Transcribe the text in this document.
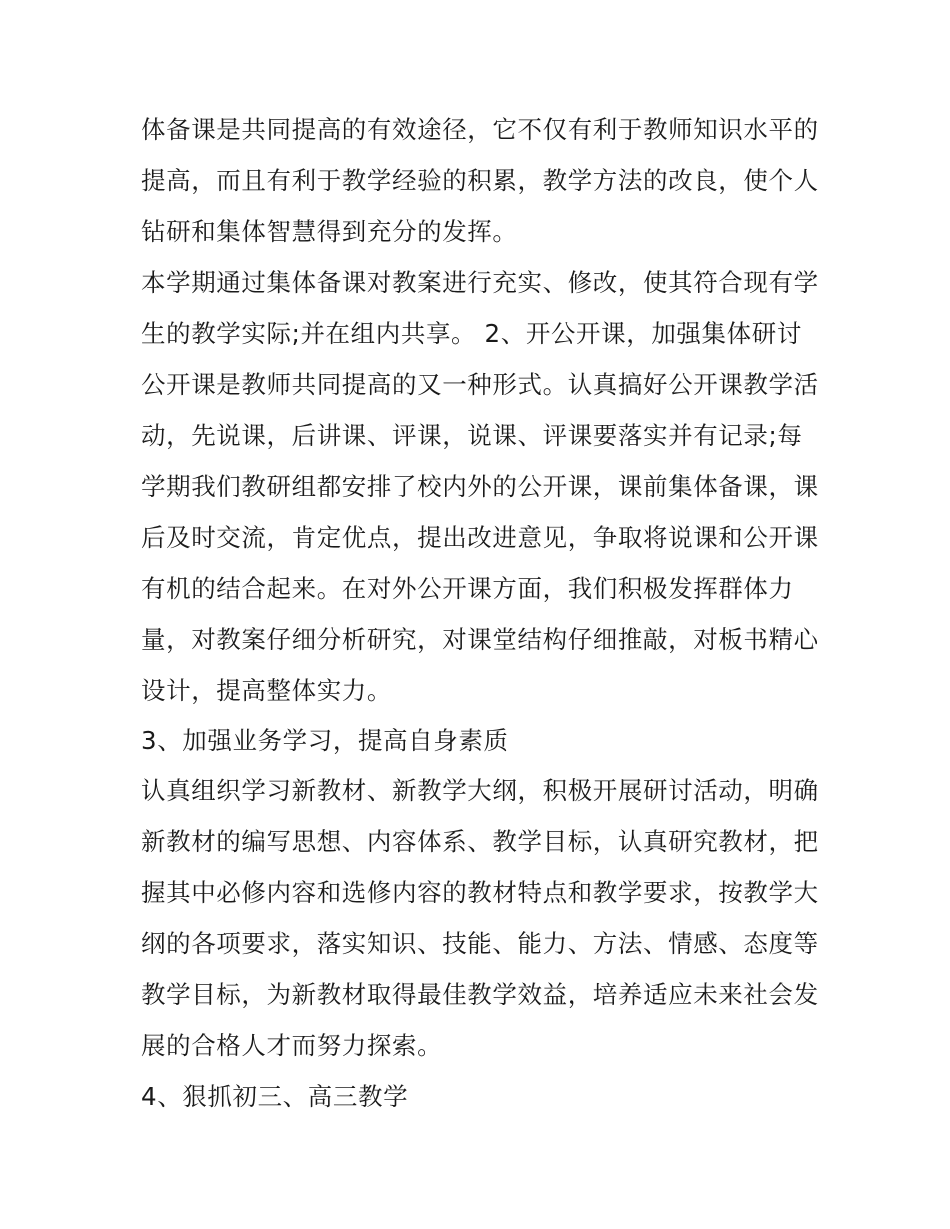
体备课是共同提高的有效途径，它不仅有利于教师知识水平的
提高，而且有利于教学经验的积累，教学方法的改良，使个人
钻研和集体智慧得到充分的发挥。
本学期通过集体备课对教案进行充实、修改，使其符合现有学
生的教学实际;并在组内共享。 2、开公开课，加强集体研讨
公开课是教师共同提高的又一种形式。认真搞好公开课教学活
动，先说课，后讲课、评课，说课、评课要落实并有记录;每
学期我们教研组都安排了校内外的公开课，课前集体备课，课
后及时交流，肯定优点，提出改进意见，争取将说课和公开课
有机的结合起来。在对外公开课方面，我们积极发挥群体力
量，对教案仔细分析研究，对课堂结构仔细推敲，对板书精心
设计，提高整体实力。
3、加强业务学习，提高自身素质
认真组织学习新教材、新教学大纲，积极开展研讨活动，明确
新教材的编写思想、内容体系、教学目标，认真研究教材，把
握其中必修内容和选修内容的教材特点和教学要求，按教学大
纲的各项要求，落实知识、技能、能力、方法、情感、态度等
教学目标，为新教材取得最佳教学效益，培养适应未来社会发
展的合格人才而努力探索。
4、狠抓初三、高三教学
